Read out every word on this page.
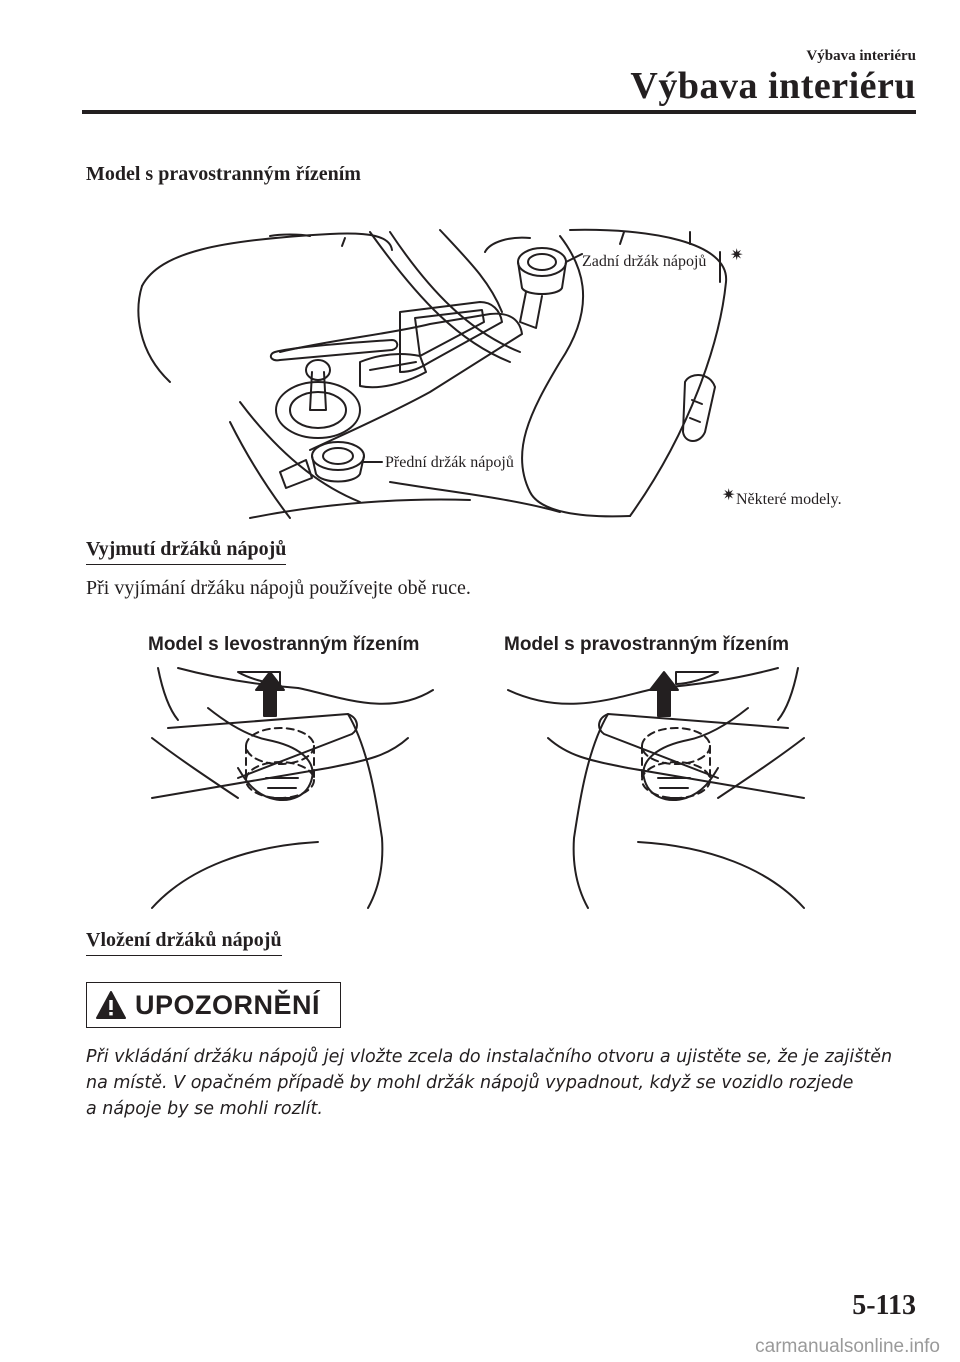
Výbava interiéru
Výbava interiéru
Model s pravostranným řízením
Zadní držák nápojů ✷
Přední držák nápojů
✷ Některé modely.
Vyjmutí držáků nápojů
Při vyjímání držáku nápojů používejte obě ruce.
Model s levostranným řízením	Model s pravostranným řízením
Vložení držáků nápojů
UPOZORNĚNÍ
Při vkládání držáku nápojů jej vložte zcela do instalačního otvoru a ujistěte se, že je zajištěn
na místě. V opačném případě by mohl držák nápojů vypadnout, když se vozidlo rozjede
a nápoje by se mohli rozlít.
5-113
carmanualsonline.info
